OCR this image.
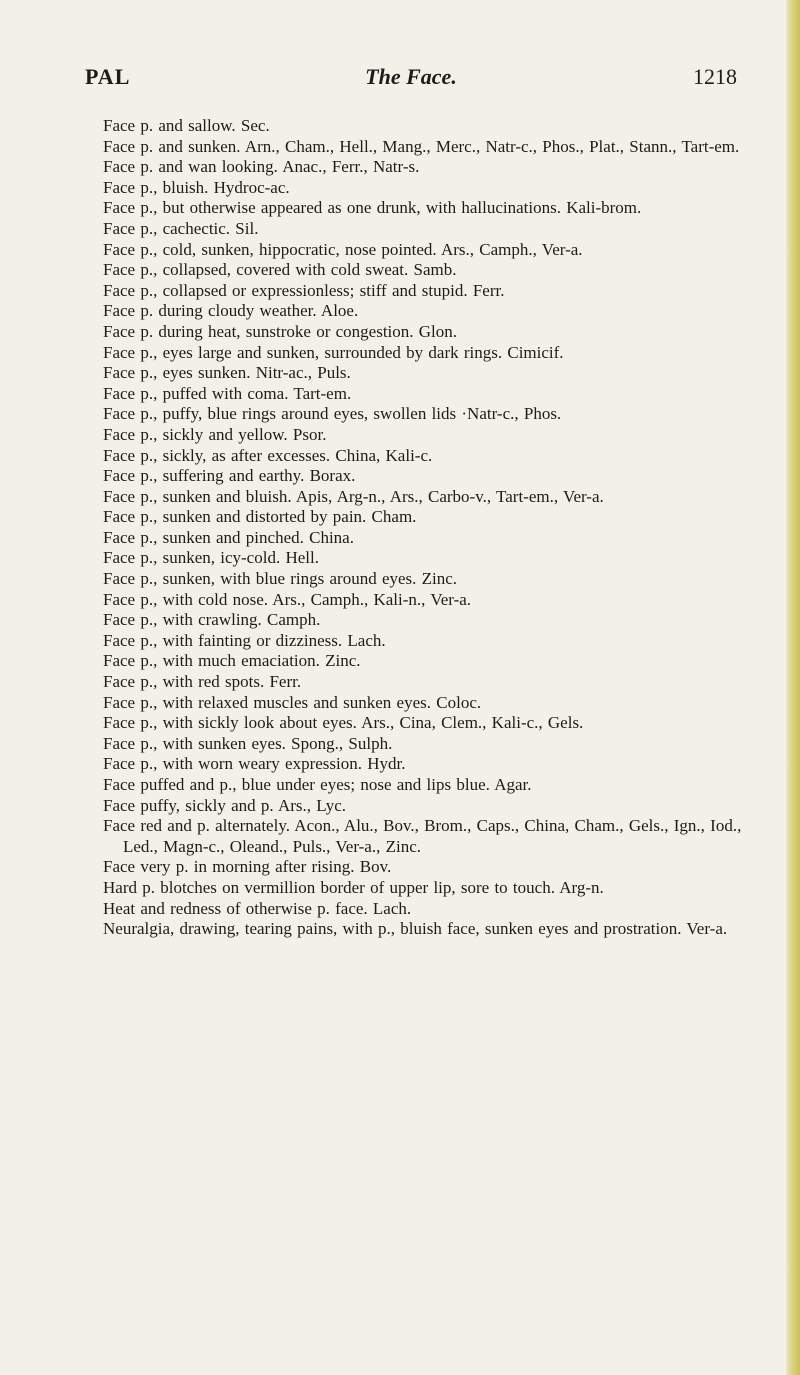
PAL	The Face.	1218
Face p. and sallow. Sec.
Face p. and sunken. Arn., Cham., Hell., Mang., Merc., Natr-c., Phos., Plat., Stann., Tart-em.
Face p. and wan looking. Anac., Ferr., Natr-s.
Face p., bluish. Hydroc-ac.
Face p., but otherwise appeared as one drunk, with hallucinations. Kali-brom.
Face p., cachectic. Sil.
Face p., cold, sunken, hippocratic, nose pointed. Ars., Camph., Ver-a.
Face p., collapsed, covered with cold sweat. Samb.
Face p., collapsed or expressionless; stiff and stupid. Ferr.
Face p. during cloudy weather. Aloe.
Face p. during heat, sunstroke or congestion. Glon.
Face p., eyes large and sunken, surrounded by dark rings. Cimicif.
Face p., eyes sunken. Nitr-ac., Puls.
Face p., puffed with coma. Tart-em.
Face p., puffy, blue rings around eyes, swollen lids ·Natr-c., Phos.
Face p., sickly and yellow. Psor.
Face p., sickly, as after excesses. China, Kali-c.
Face p., suffering and earthy. Borax.
Face p., sunken and bluish. Apis, Arg-n., Ars., Carbo-v., Tart-em., Ver-a.
Face p., sunken and distorted by pain. Cham.
Face p., sunken and pinched. China.
Face p., sunken, icy-cold. Hell.
Face p., sunken, with blue rings around eyes. Zinc.
Face p., with cold nose. Ars., Camph., Kali-n., Ver-a.
Face p., with crawling. Camph.
Face p., with fainting or dizziness. Lach.
Face p., with much emaciation. Zinc.
Face p., with red spots. Ferr.
Face p., with relaxed muscles and sunken eyes. Coloc.
Face p., with sickly look about eyes. Ars., Cina, Clem., Kali-c., Gels.
Face p., with sunken eyes. Spong., Sulph.
Face p., with worn weary expression. Hydr.
Face puffed and p., blue under eyes; nose and lips blue. Agar.
Face puffy, sickly and p. Ars., Lyc.
Face red and p. alternately. Acon., Alu., Bov., Brom., Caps., China, Cham., Gels., Ign., Iod., Led., Magn-c., Oleand., Puls., Ver-a., Zinc.
Face very p. in morning after rising. Bov.
Hard p. blotches on vermillion border of upper lip, sore to touch. Arg-n.
Heat and redness of otherwise p. face. Lach.
Neuralgia, drawing, tearing pains, with p., bluish face, sunken eyes and prostration. Ver-a.
